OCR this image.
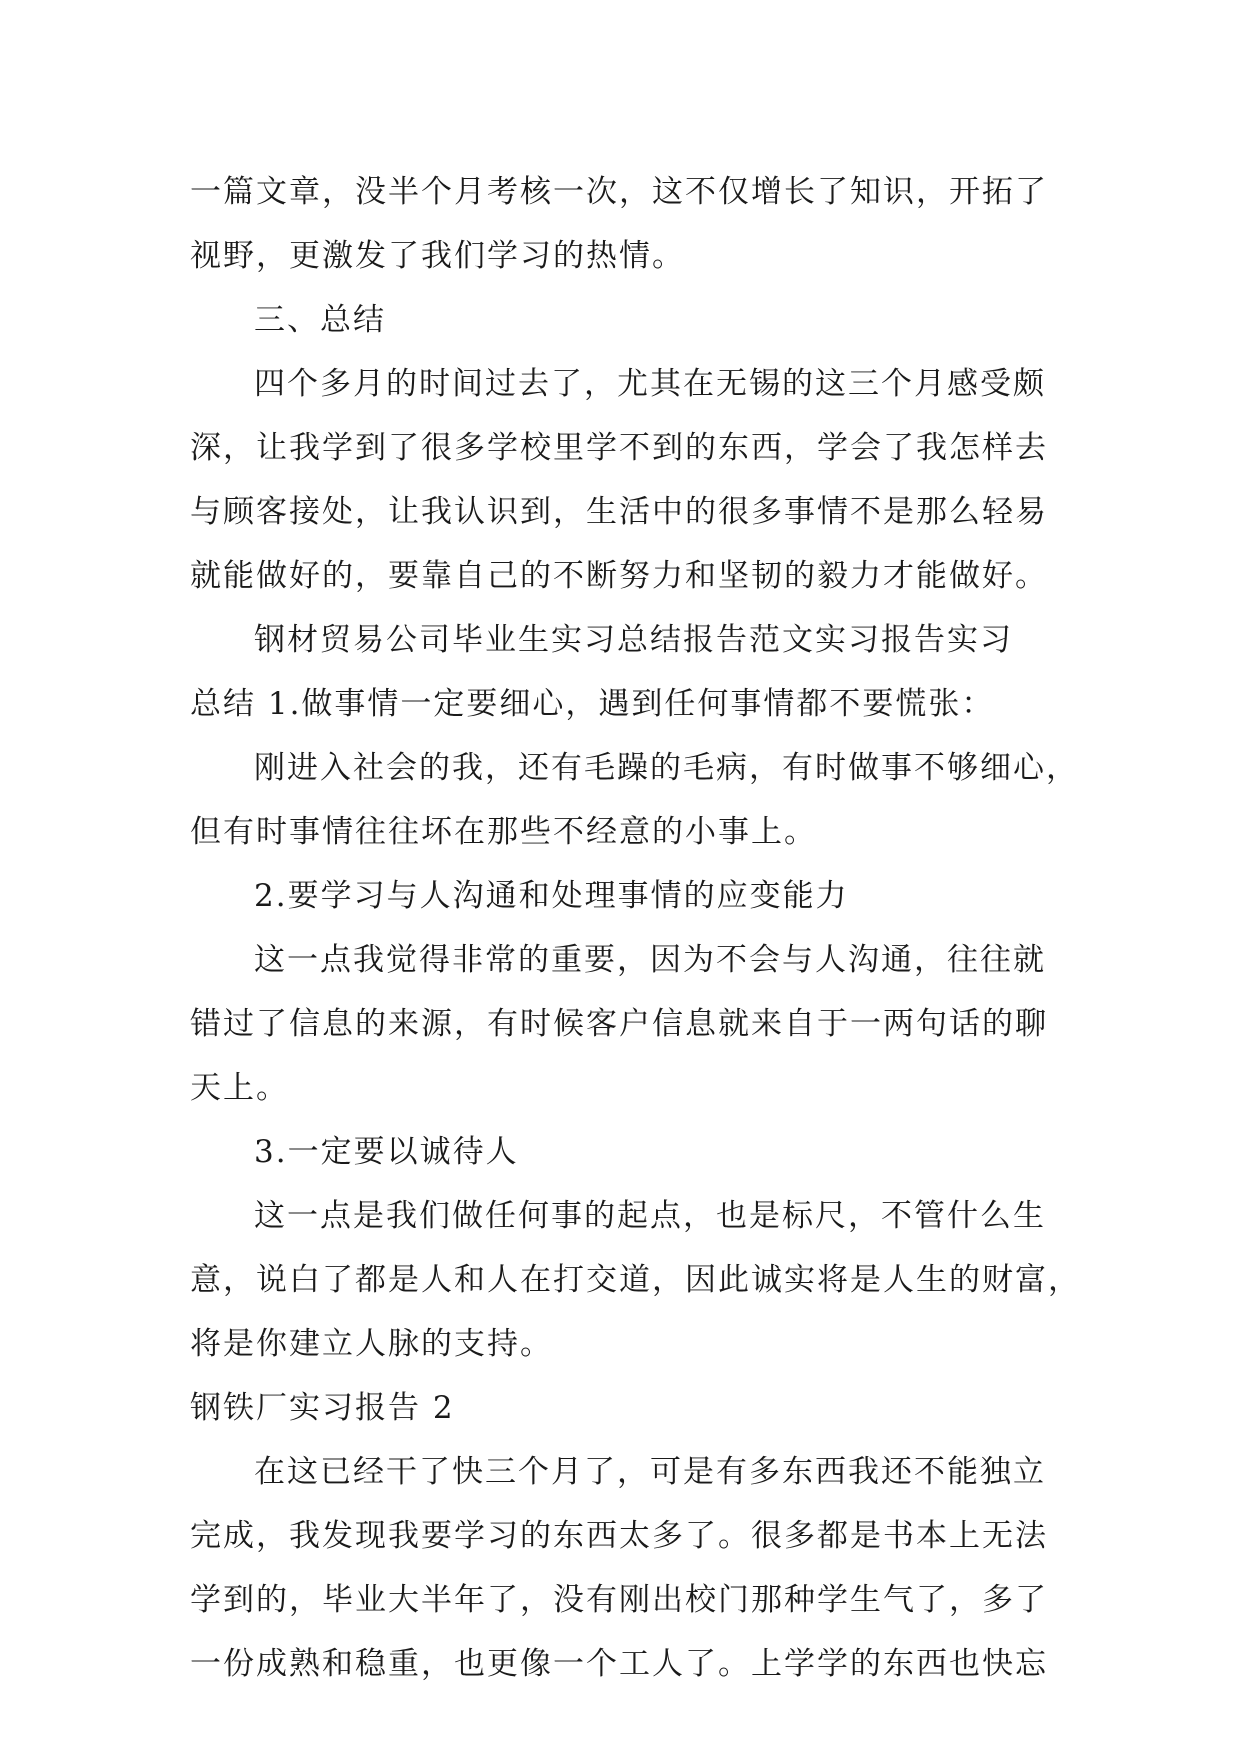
一篇文章，没半个月考核一次，这不仅增长了知识，开拓了
视野，更激发了我们学习的热情。
三、总结
四个多月的时间过去了，尤其在无锡的这三个月感受颇
深，让我学到了很多学校里学不到的东西，学会了我怎样去
与顾客接处，让我认识到，生活中的很多事情不是那么轻易
就能做好的，要靠自己的不断努力和坚韧的毅力才能做好。
钢材贸易公司毕业生实习总结报告范文实习报告实习
总结 1.做事情一定要细心，遇到任何事情都不要慌张：
刚进入社会的我，还有毛躁的毛病，有时做事不够细心，
但有时事情往往坏在那些不经意的小事上。
2.要学习与人沟通和处理事情的应变能力
这一点我觉得非常的重要，因为不会与人沟通，往往就
错过了信息的来源，有时候客户信息就来自于一两句话的聊
天上。
3.一定要以诚待人
这一点是我们做任何事的起点，也是标尺，不管什么生
意，说白了都是人和人在打交道，因此诚实将是人生的财富，
将是你建立人脉的支持。
钢铁厂实习报告 2
在这已经干了快三个月了，可是有多东西我还不能独立
完成，我发现我要学习的东西太多了。很多都是书本上无法
学到的，毕业大半年了，没有刚出校门那种学生气了，多了
一份成熟和稳重，也更像一个工人了。上学学的东西也快忘
